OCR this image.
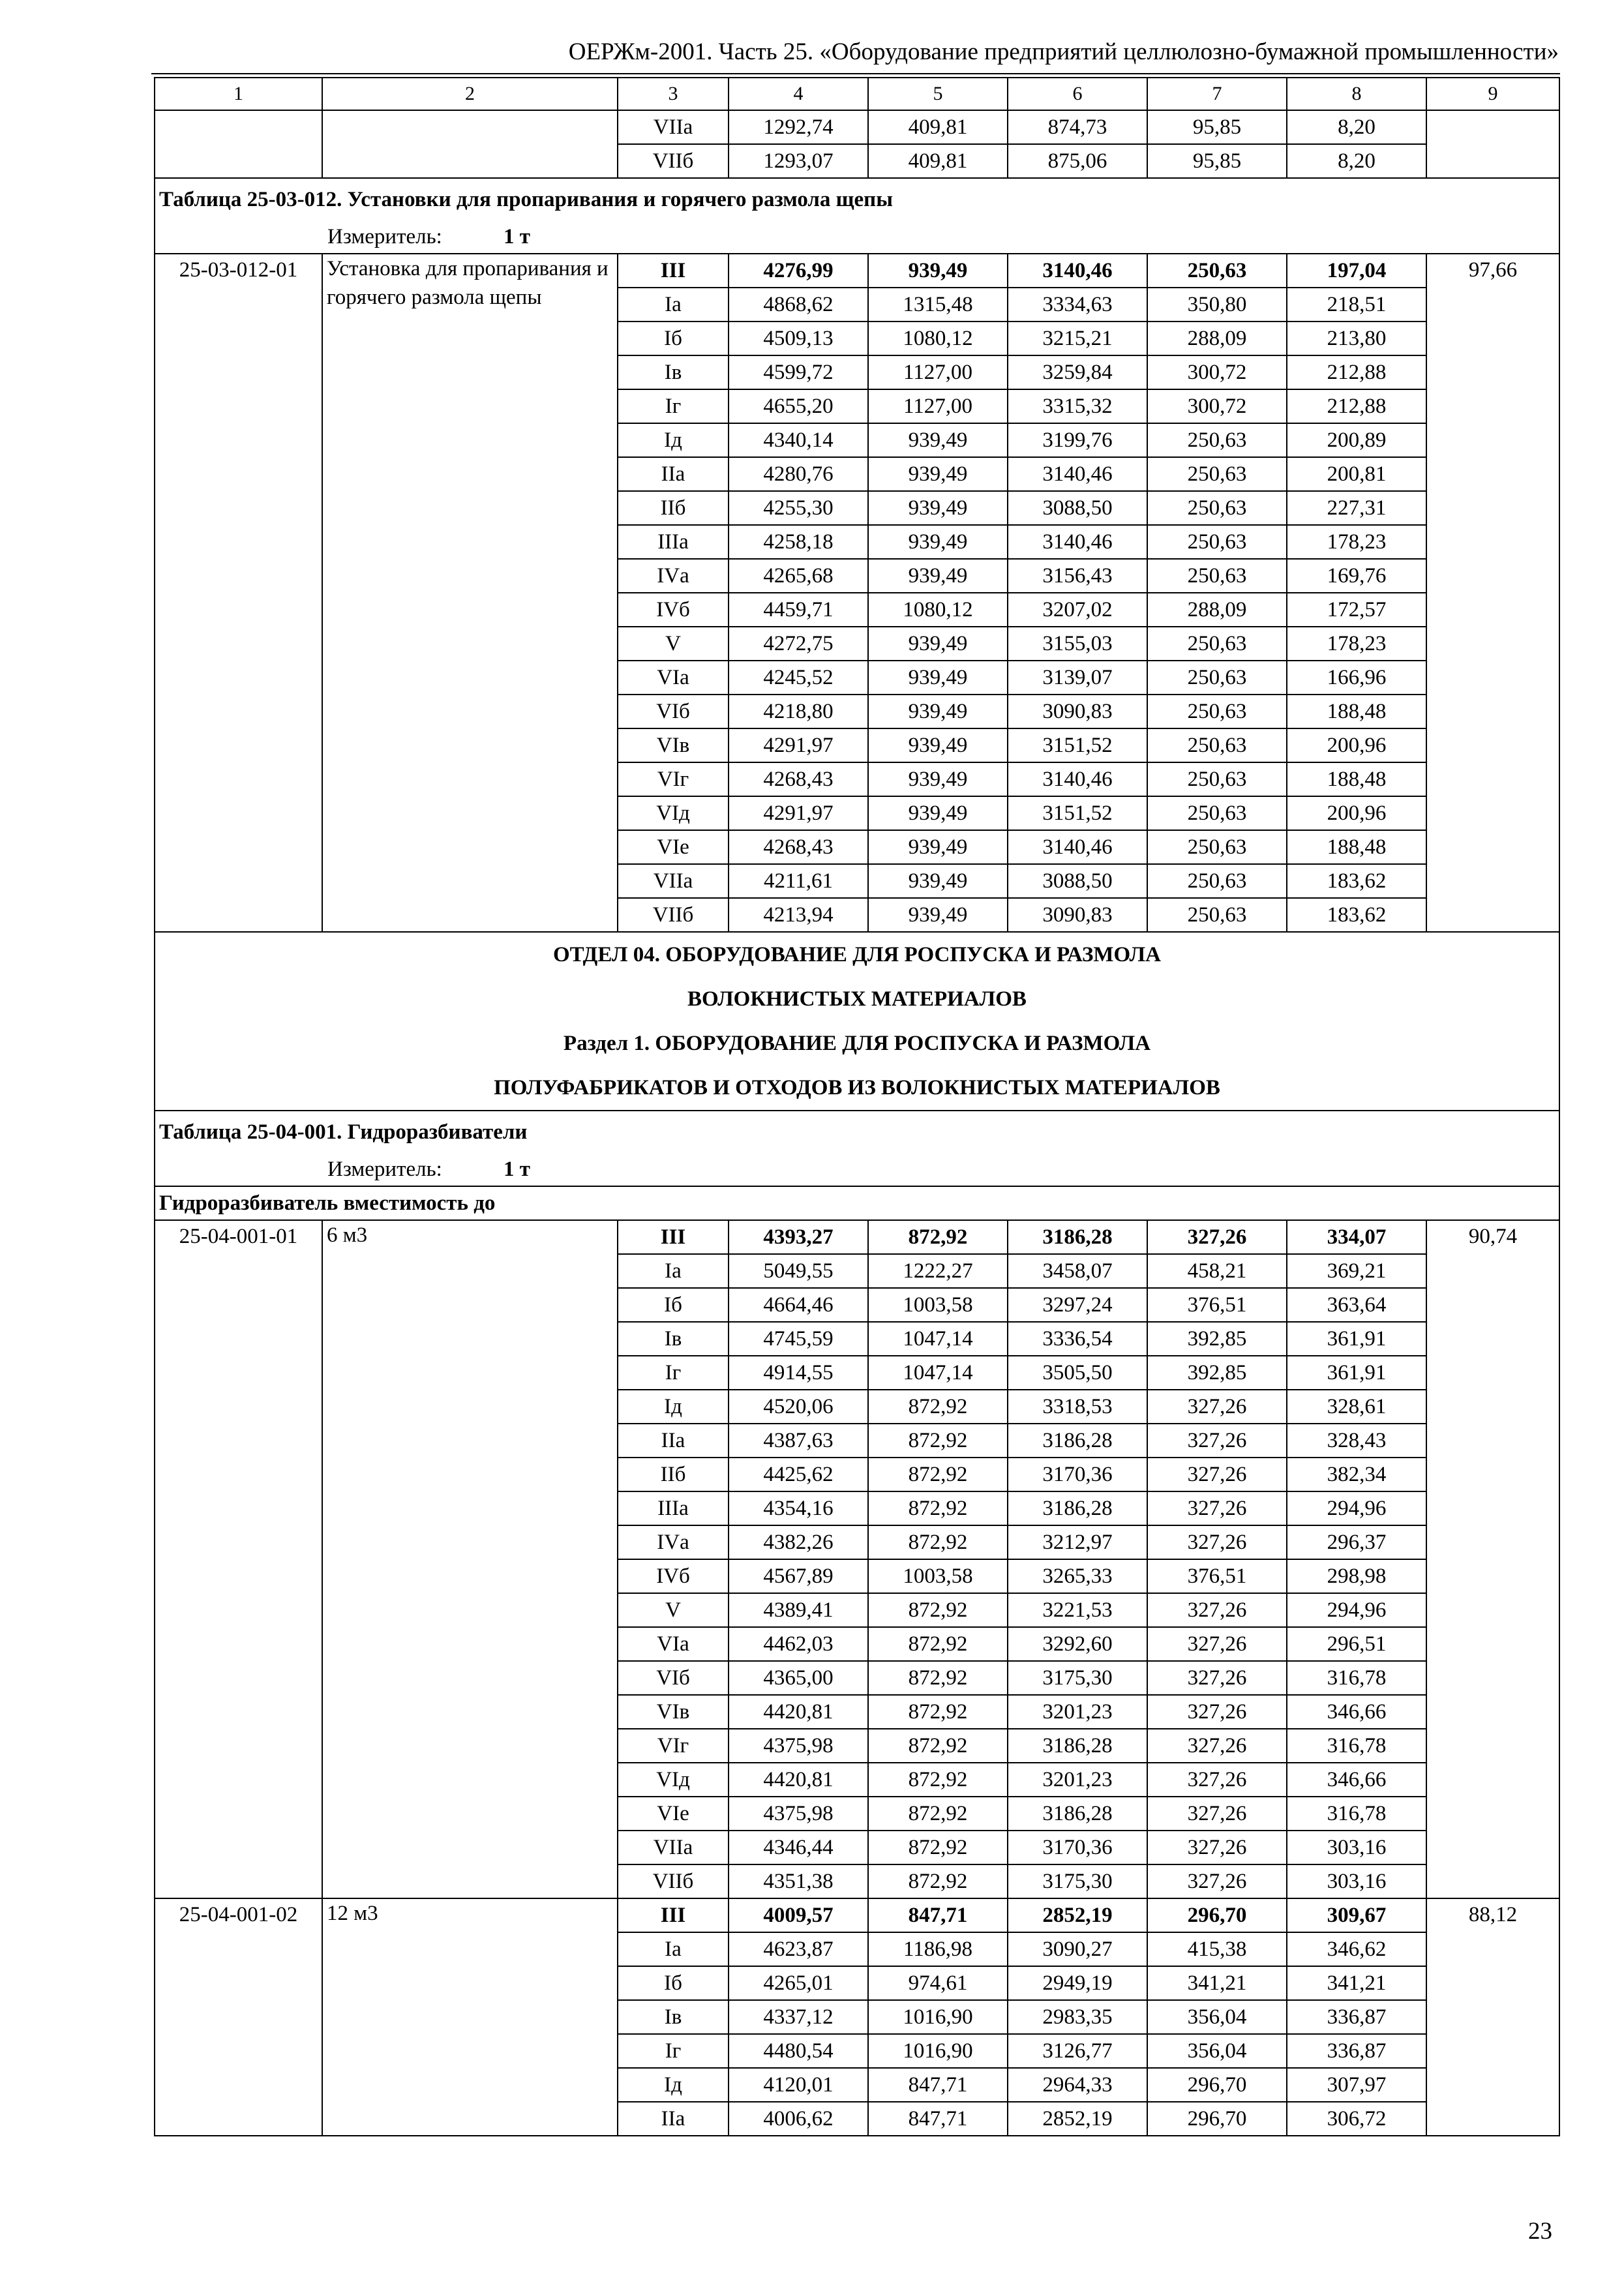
ОЕРЖм-2001. Часть 25. «Оборудование предприятий целлюлозно-бумажной промышленности»
1	2	3	4	5	6	7	8	9
		VIIа	1292,74	409,81	874,73	95,85	8,20	
		VIIб	1293,07	409,81	875,06	95,85	8,20	
Таблица 25-03-012. Установки для пропаривания и горячего размола щепы								
Измеритель: 1 т								
25-03-012-01	Установка для пропаривания и горячего размола щепы	III	4276,99	939,49	3140,46	250,63	197,04	97,66
		Iа	4868,62	1315,48	3334,63	350,80	218,51	
		Iб	4509,13	1080,12	3215,21	288,09	213,80	
		Iв	4599,72	1127,00	3259,84	300,72	212,88	
		Iг	4655,20	1127,00	3315,32	300,72	212,88	
		Iд	4340,14	939,49	3199,76	250,63	200,89	
		IIа	4280,76	939,49	3140,46	250,63	200,81	
		IIб	4255,30	939,49	3088,50	250,63	227,31	
		IIIа	4258,18	939,49	3140,46	250,63	178,23	
		IVа	4265,68	939,49	3156,43	250,63	169,76	
		IVб	4459,71	1080,12	3207,02	288,09	172,57	
		V	4272,75	939,49	3155,03	250,63	178,23	
		VIа	4245,52	939,49	3139,07	250,63	166,96	
		VIб	4218,80	939,49	3090,83	250,63	188,48	
		VIв	4291,97	939,49	3151,52	250,63	200,96	
		VIг	4268,43	939,49	3140,46	250,63	188,48	
		VIд	4291,97	939,49	3151,52	250,63	200,96	
		VIе	4268,43	939,49	3140,46	250,63	188,48	
		VIIа	4211,61	939,49	3088,50	250,63	183,62	
		VIIб	4213,94	939,49	3090,83	250,63	183,62	

ОТДЕЛ 04. ОБОРУДОВАНИЕ ДЛЯ РОСПУСКА И РАЗМОЛА
ВОЛОКНИСТЫХ МАТЕРИАЛОВ
Раздел 1. ОБОРУДОВАНИЕ ДЛЯ РОСПУСКА И РАЗМОЛА
ПОЛУФАБРИКАТОВ И ОТХОДОВ ИЗ ВОЛОКНИСТЫХ МАТЕРИАЛОВ								

Таблица 25-04-001. Гидроразбиватели								
Измеритель: 1 т								
Гидроразбиватель вместимость до								
25-04-001-01	6 м3	III	4393,27	872,92	3186,28	327,26	334,07	90,74
		Iа	5049,55	1222,27	3458,07	458,21	369,21	
		Iб	4664,46	1003,58	3297,24	376,51	363,64	
		Iв	4745,59	1047,14	3336,54	392,85	361,91	
		Iг	4914,55	1047,14	3505,50	392,85	361,91	
		Iд	4520,06	872,92	3318,53	327,26	328,61	
		IIа	4387,63	872,92	3186,28	327,26	328,43	
		IIб	4425,62	872,92	3170,36	327,26	382,34	
		IIIа	4354,16	872,92	3186,28	327,26	294,96	
		IVа	4382,26	872,92	3212,97	327,26	296,37	
		IVб	4567,89	1003,58	3265,33	376,51	298,98	
		V	4389,41	872,92	3221,53	327,26	294,96	
		VIа	4462,03	872,92	3292,60	327,26	296,51	
		VIб	4365,00	872,92	3175,30	327,26	316,78	
		VIв	4420,81	872,92	3201,23	327,26	346,66	
		VIг	4375,98	872,92	3186,28	327,26	316,78	
		VIд	4420,81	872,92	3201,23	327,26	346,66	
		VIе	4375,98	872,92	3186,28	327,26	316,78	
		VIIа	4346,44	872,92	3170,36	327,26	303,16	
		VIIб	4351,38	872,92	3175,30	327,26	303,16	
25-04-001-02	12 м3	III	4009,57	847,71	2852,19	296,70	309,67	88,12
		Iа	4623,87	1186,98	3090,27	415,38	346,62	
		Iб	4265,01	974,61	2949,19	341,21	341,21	
		Iв	4337,12	1016,90	2983,35	356,04	336,87	
		Iг	4480,54	1016,90	3126,77	356,04	336,87	
		Iд	4120,01	847,71	2964,33	296,70	307,97	
		IIа	4006,62	847,71	2852,19	296,70	306,72	
23
